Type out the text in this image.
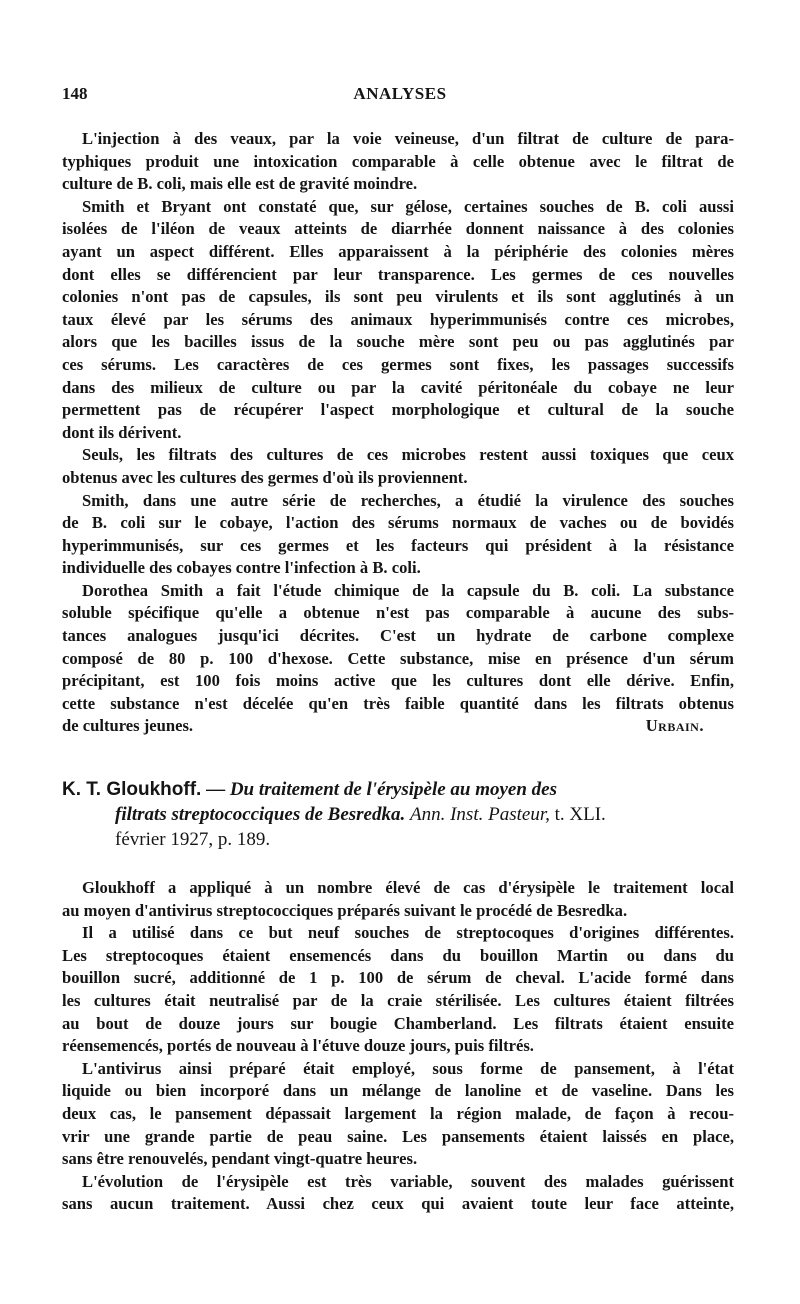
148	ANALYSES
L'injection à des veaux, par la voie veineuse, d'un filtrat de culture de para-
typhiques produit une intoxication comparable à celle obtenue avec le filtrat de
culture de B. coli, mais elle est de gravité moindre.
Smith et Bryant ont constaté que, sur gélose, certaines souches de B. coli aussi
isolées de l'iléon de veaux atteints de diarrhée donnent naissance à des colonies
ayant un aspect différent. Elles apparaissent à la périphérie des colonies mères
dont elles se différencient par leur transparence. Les germes de ces nouvelles
colonies n'ont pas de capsules, ils sont peu virulents et ils sont agglutinés à un
taux élevé par les sérums des animaux hyperimmunisés contre ces microbes,
alors que les bacilles issus de la souche mère sont peu ou pas agglutinés par
ces sérums. Les caractères de ces germes sont fixes, les passages successifs
dans des milieux de culture ou par la cavité péritonéale du cobaye ne leur
permettent pas de récupérer l'aspect morphologique et cultural de la souche
dont ils dérivent.
Seuls, les filtrats des cultures de ces microbes restent aussi toxiques que ceux
obtenus avec les cultures des germes d'où ils proviennent.
Smith, dans une autre série de recherches, a étudié la virulence des souches
de B. coli sur le cobaye, l'action des sérums normaux de vaches ou de bovidés
hyperimmunisés, sur ces germes et les facteurs qui président à la résistance
individuelle des cobayes contre l'infection à B. coli.
Dorothea Smith a fait l'étude chimique de la capsule du B. coli. La substance
soluble spécifique qu'elle a obtenue n'est pas comparable à aucune des subs-
tances analogues jusqu'ici décrites. C'est un hydrate de carbone complexe
composé de 80 p. 100 d'hexose. Cette substance, mise en présence d'un sérum
précipitant, est 100 fois moins active que les cultures dont elle dérive. Enfin,
cette substance n'est décelée qu'en très faible quantité dans les filtrats obtenus
de cultures jeunes.	Urbain.
K. T. Gloukhoff. — Du traitement de l'érysipèle au moyen des
filtrats streptococciques de Besredka. Ann. Inst. Pasteur, t. XLI.
février 1927, p. 189.
Gloukhoff a appliqué à un nombre élevé de cas d'érysipèle le traitement local
au moyen d'antivirus streptococciques préparés suivant le procédé de Besredka.
Il a utilisé dans ce but neuf souches de streptocoques d'origines différentes.
Les streptocoques étaient ensemencés dans du bouillon Martin ou dans du
bouillon sucré, additionné de 1 p. 100 de sérum de cheval. L'acide formé dans
les cultures était neutralisé par de la craie stérilisée. Les cultures étaient filtrées
au bout de douze jours sur bougie Chamberland. Les filtrats étaient ensuite
réensemencés, portés de nouveau à l'étuve douze jours, puis filtrés.
L'antivirus ainsi préparé était employé, sous forme de pansement, à l'état
liquide ou bien incorporé dans un mélange de lanoline et de vaseline. Dans les
deux cas, le pansement dépassait largement la région malade, de façon à recou-
vrir une grande partie de peau saine. Les pansements étaient laissés en place,
sans être renouvelés, pendant vingt-quatre heures.
L'évolution de l'érysipèle est très variable, souvent des malades guérissent
sans aucun traitement. Aussi chez ceux qui avaient toute leur face atteinte,
